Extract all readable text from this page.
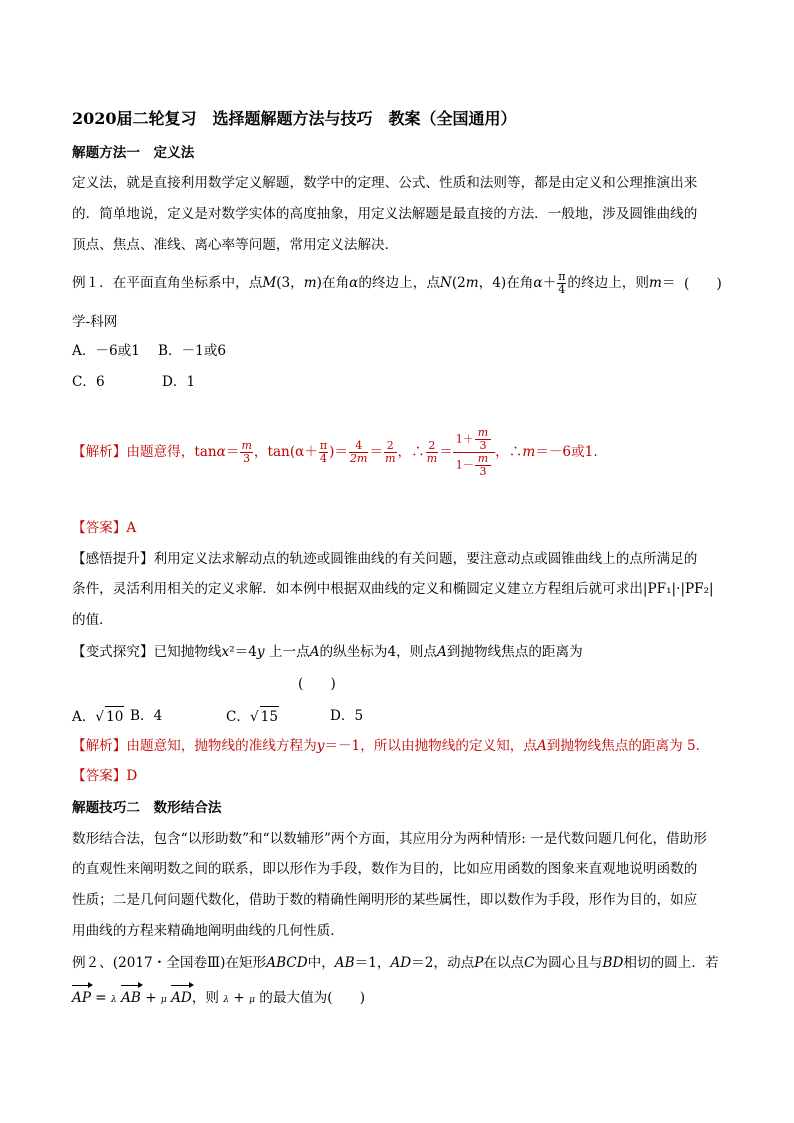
2020届二轮复习　选择题解题方法与技巧　教案（全国通用）
解题方法一　定义法
定义法，就是直接利用数学定义解题，数学中的定理、公式、性质和法则等，都是由定义和公理推演出来
的．简单地说，定义是对数学实体的高度抽象，用定义法解题是最直接的方法．一般地，涉及圆锥曲线的
顶点、焦点、准线、离心率等问题，常用定义法解决．
例１．在平面直角坐标系中，点M(3，m)在角α的终边上，点N(2m，4)在角$\alpha+ \frac{\pi}{4}$ 的终边上，则m＝ (　　)
学-科网
A．－6或1 B．－1或6
C．6	D．1
【解析】由题意得，$\tan\alpha= \frac{m}{3}$ ，$\tan(\alpha+ \frac{\pi}{4}$ )＝ $\frac{4}{2m} = \frac{2}{m}$ ，∴ $\frac{2}{m} = \frac{1+ \frac{m}{3}}{1- \frac{m}{3}}$ ，∴m＝－6或1.
【答案】A
【感悟提升】利用定义法求解动点的轨迹或圆锥曲线的有关问题，要注意动点或圆锥曲线上的点所满足的
条件，灵活利用相关的定义求解．如本例中根据双曲线的定义和椭圆定义建立方程组后就可求出|PF₁|·|PF₂|
的值．
【变式探究】已知抛物线x²＝4y 上一点A的纵坐标为4，则点A到抛物线焦点的距离为
(　　)
A．√ 10 B．4	C．√ 15	D．5
【解析】由题意知，抛物线的准线方程为y＝－1，所以由抛物线的定义知，点A到抛物线焦点的距离为 5.
【答案】D
解题技巧二　数形结合法
数形结合法，包含“以形助数”和“以数辅形”两个方面，其应用分为两种情形: 一是代数问题几何化，借助形
的直观性来阐明数之间的联系，即以形作为手段，数作为目的，比如应用函数的图象来直观地说明函数的
性质；二是几何问题代数化，借助于数的精确性阐明形的某些属性，即以数作为手段，形作为目的，如应
用曲线的方程来精确地阐明曲线的几何性质．
例２、(2017・全国卷Ⅲ)在矩形ABCD中，AB＝1，AD＝2，动点P在以点C为圆心且与BD相切的圆上．若
AP = λ AB + μ AD，则 λ + μ 的最大值为(　　)
